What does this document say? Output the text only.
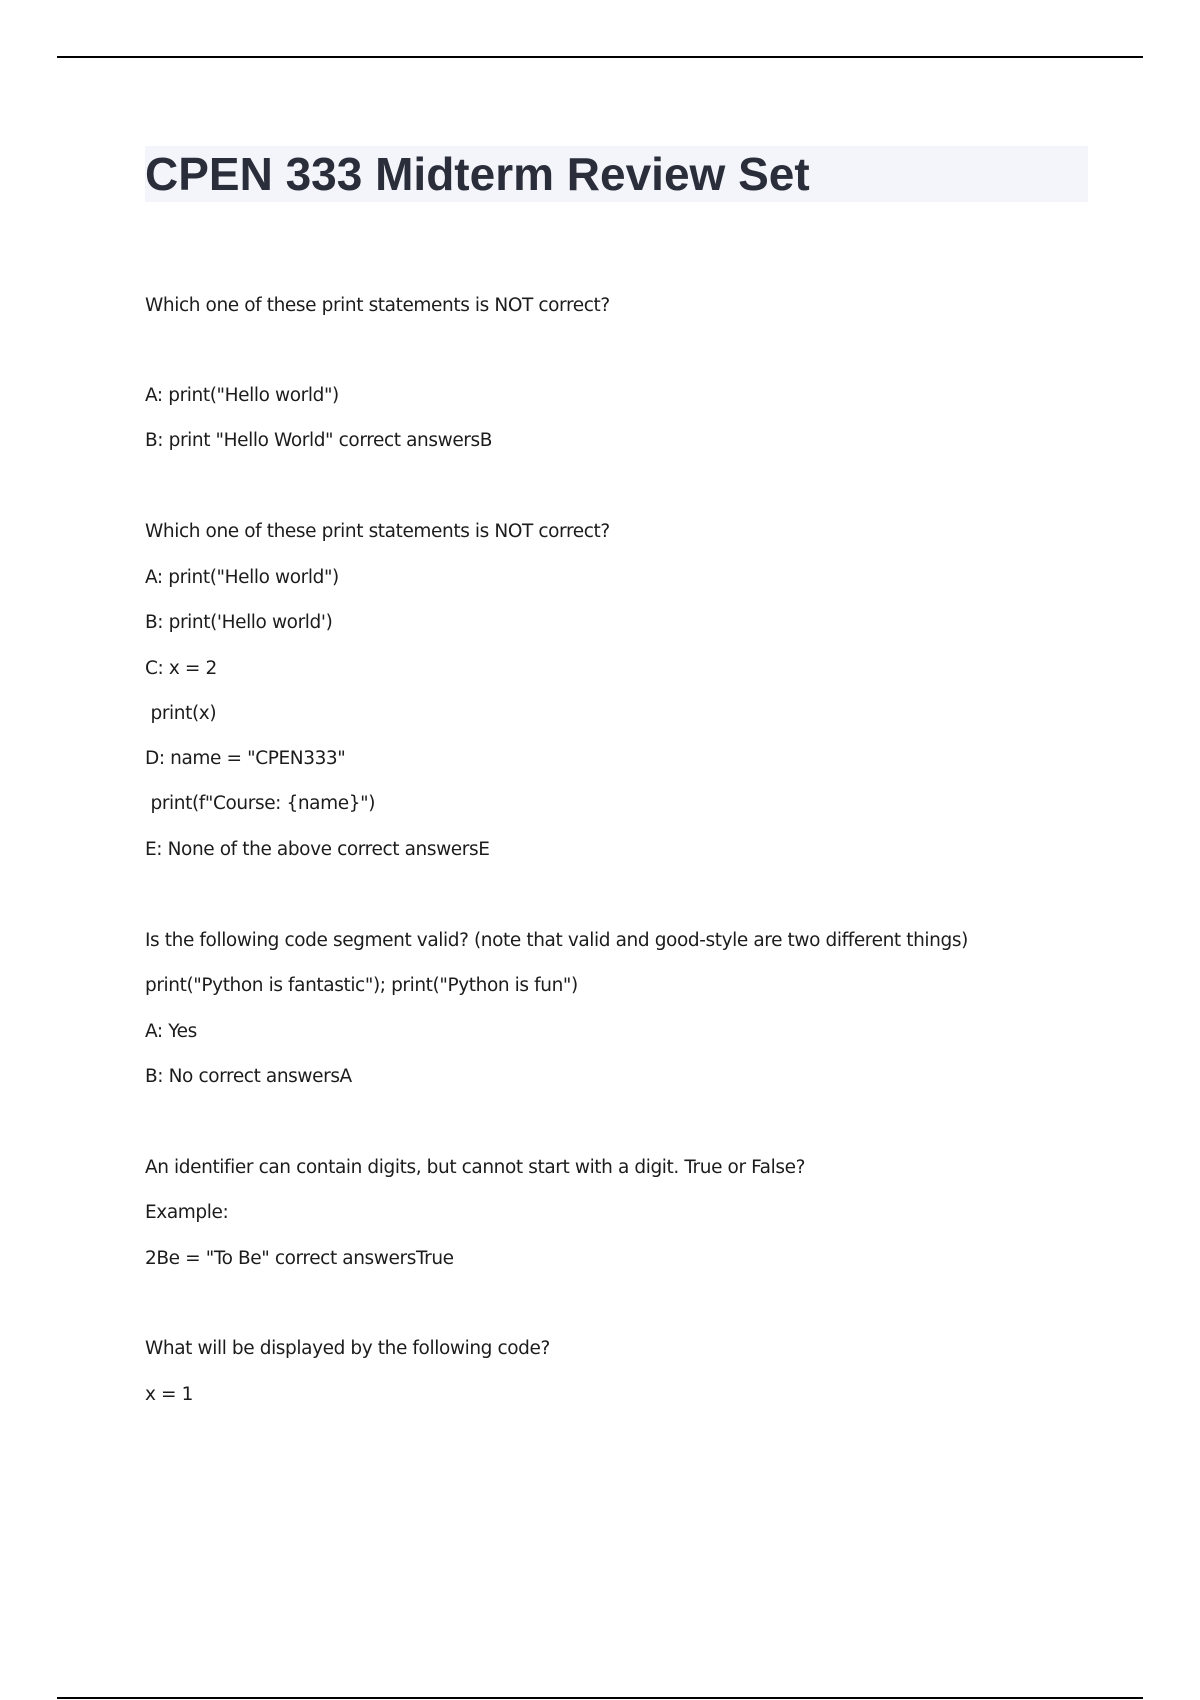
CPEN 333 Midterm Review Set
Which one of these print statements is NOT correct?
A: print("Hello world")
B: print "Hello World" correct answersB
Which one of these print statements is NOT correct?
A: print("Hello world")
B: print('Hello world')
C: x = 2
print(x)
D: name = "CPEN333"
print(f"Course: {name}")
E: None of the above correct answersE
Is the following code segment valid? (note that valid and good-style are two different things)
print("Python is fantastic"); print("Python is fun")
A: Yes
B: No correct answersA
An identifier can contain digits, but cannot start with a digit. True or False?
Example:
2Be = "To Be" correct answersTrue
What will be displayed by the following code?
x = 1
